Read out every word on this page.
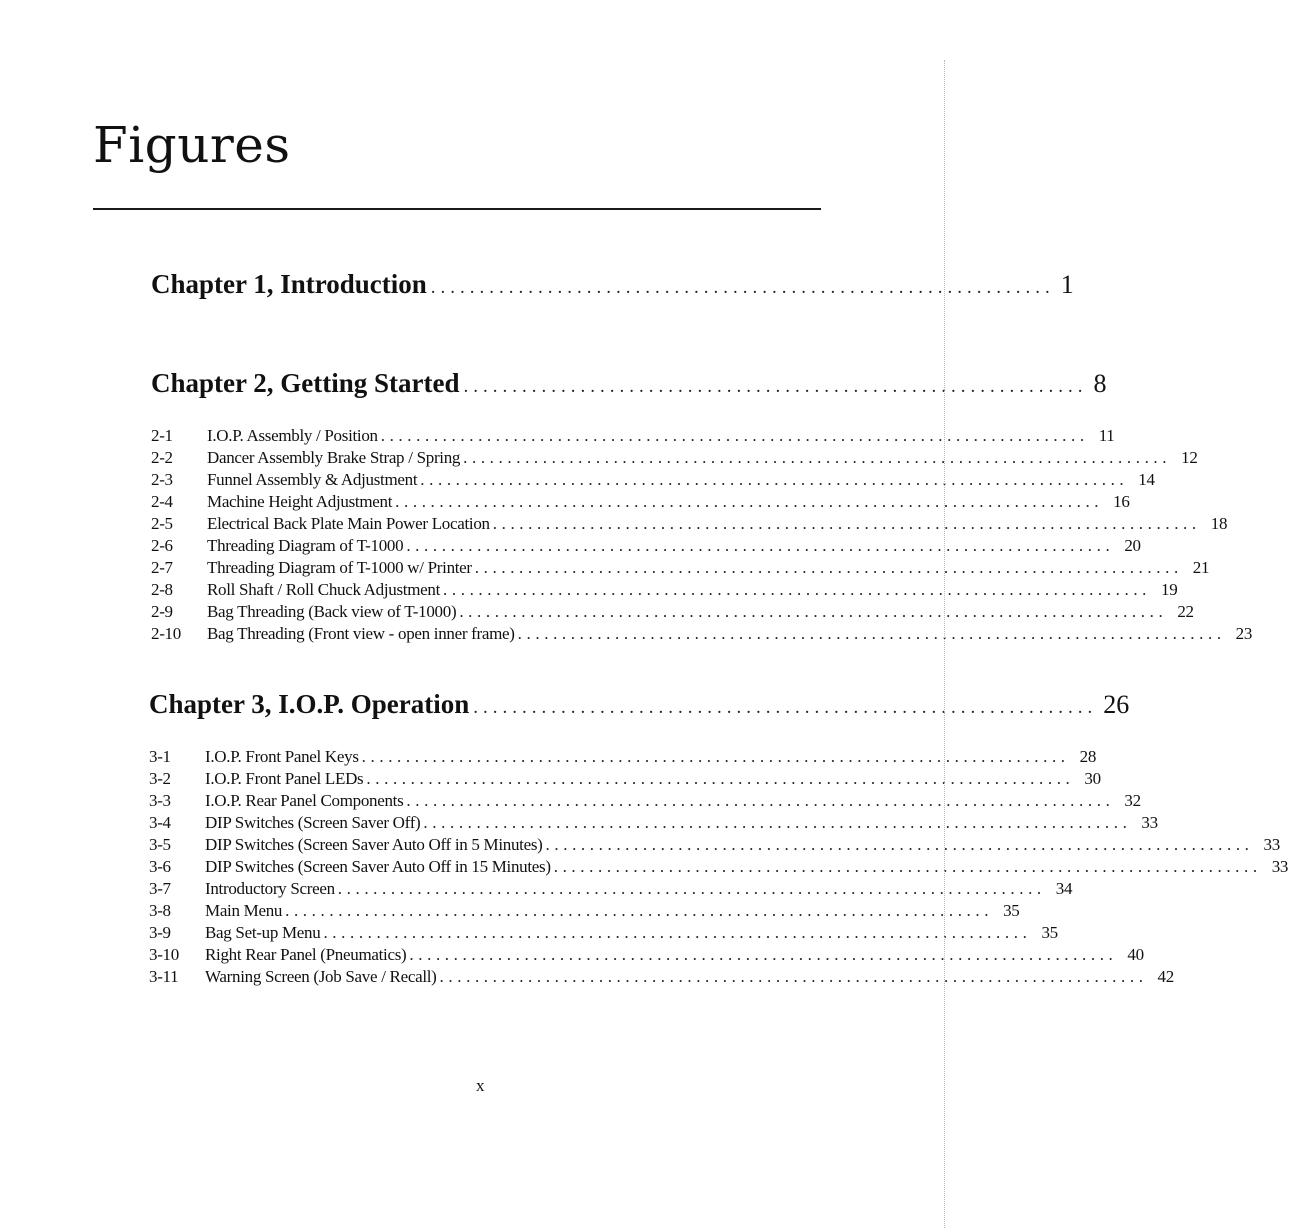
Figures
Chapter 1, Introduction ................................................................ 1
Chapter 2, Getting Started ................................................................ 8
2-1	I.O.P. Assembly / Position ................................................................................ 11
2-2	Dancer Assembly Brake Strap / Spring ................................................................................ 12
2-3	Funnel Assembly & Adjustment ................................................................................ 14
2-4	Machine Height Adjustment ................................................................................ 16
2-5	Electrical Back Plate Main Power Location ................................................................................ 18
2-6	Threading Diagram of T-1000 ................................................................................ 20
2-7	Threading Diagram of T-1000 w/ Printer ................................................................................ 21
2-8	Roll Shaft / Roll Chuck Adjustment ................................................................................ 19
2-9	Bag Threading (Back view of T-1000) ................................................................................ 22
2-10	Bag Threading (Front view - open inner frame) ................................................................................ 23
Chapter 3, I.O.P. Operation ................................................................ 26
3-1	I.O.P. Front Panel Keys ................................................................................ 28
3-2	I.O.P. Front Panel LEDs ................................................................................ 30
3-3	I.O.P. Rear Panel Components ................................................................................ 32
3-4	DIP Switches (Screen Saver Off) ................................................................................ 33
3-5	DIP Switches (Screen Saver Auto Off in 5 Minutes) ................................................................................ 33
3-6	DIP Switches (Screen Saver Auto Off in 15 Minutes) ................................................................................ 33
3-7	Introductory Screen ................................................................................ 34
3-8	Main Menu ................................................................................ 35
3-9	Bag Set-up Menu ................................................................................ 35
3-10	Right Rear Panel (Pneumatics) ................................................................................ 40
3-11	Warning Screen (Job Save / Recall) ................................................................................ 42
x
